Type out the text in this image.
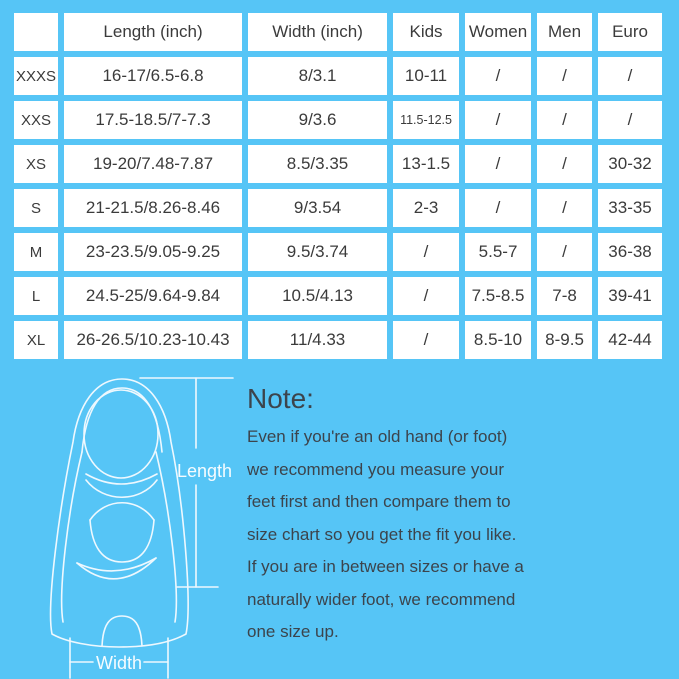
	Length (inch)	Width (inch)	Kids	Women	Men	Euro
XXXS	16-17/6.5-6.8	8/3.1	10-11	/	/	/
XXS	17.5-18.5/7-7.3	9/3.6	11.5-12.5	/	/	/
XS	19-20/7.48-7.87	8.5/3.35	13-1.5	/	/	30-32
S	21-21.5/8.26-8.46	9/3.54	2-3	/	/	33-35
M	23-23.5/9.05-9.25	9.5/3.74	/	5.5-7	/	36-38
L	24.5-25/9.64-9.84	10.5/4.13	/	7.5-8.5	7-8	39-41
XL	26-26.5/10.23-10.43	11/4.33	/	8.5-10	8-9.5	42-44
Length
Width
Note:

Even if you're an old hand (or foot)

we recommend you measure your

feet first and then compare them to

size chart so you get the fit you like.

If you are in between sizes or have a

naturally wider foot, we recommend

one size up.
